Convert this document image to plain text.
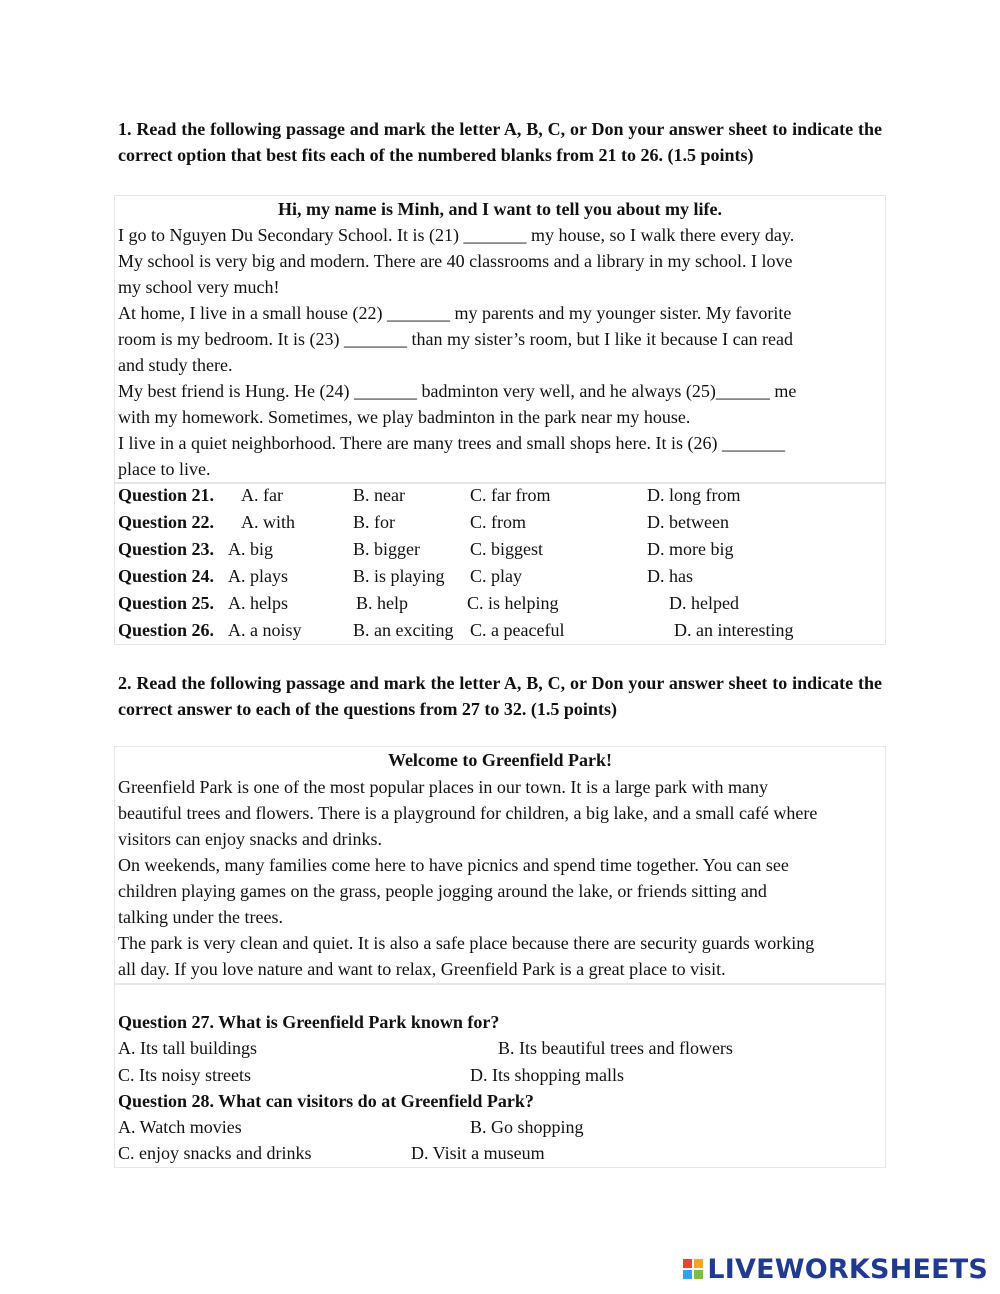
1. Read the following passage and mark the letter A, B, C, or Don your answer sheet to indicate the correct option that best fits each of the numbered blanks from 21 to 26. (1.5 points)
Hi, my name is Minh, and I want to tell you about my life.
I go to Nguyen Du Secondary School. It is (21) _______ my house, so I walk there every day.
My school is very big and modern. There are 40 classrooms and a library in my school. I love
my school very much!
At home, I live in a small house (22) _______ my parents and my younger sister. My favorite
room is my bedroom. It is (23) _______ than my sister’s room, but I like it because I can read
and study there.
My best friend is Hung. He (24) _______ badminton very well, and he always (25)______ me
with my homework. Sometimes, we play badminton in the park near my house.
I live in a quiet neighborhood. There are many trees and small shops here. It is (26) _______
place to live.
Question 21. A. far	B. near	C. far from	D. long from
Question 22. A. with	B. for	C. from	D. between
Question 23. A. big	B. bigger	C. biggest	D. more big
Question 24. A. plays	B. is playing C. play	D. has
Question 25. A. helps	B. help	C. is helping	D. helped
Question 26. A. a noisy	B. an exciting C. a peaceful	D. an interesting
2. Read the following passage and mark the letter A, B, C, or Don your answer sheet to indicate the correct answer to each of the questions from 27 to 32. (1.5 points)
Welcome to Greenfield Park!
Greenfield Park is one of the most popular places in our town. It is a large park with many
beautiful trees and flowers. There is a playground for children, a big lake, and a small café where
visitors can enjoy snacks and drinks.
On weekends, many families come here to have picnics and spend time together. You can see
children playing games on the grass, people jogging around the lake, or friends sitting and
talking under the trees.
The park is very clean and quiet. It is also a safe place because there are security guards working
all day. If you love nature and want to relax, Greenfield Park is a great place to visit.
Question 27. What is Greenfield Park known for?
A. Its tall buildings	B. Its beautiful trees and flowers
C. Its noisy streets	D. Its shopping malls
Question 28. What can visitors do at Greenfield Park?
A. Watch movies	B. Go shopping
C. enjoy snacks and drinks	D. Visit a museum
LIVEWORKSHEETS
